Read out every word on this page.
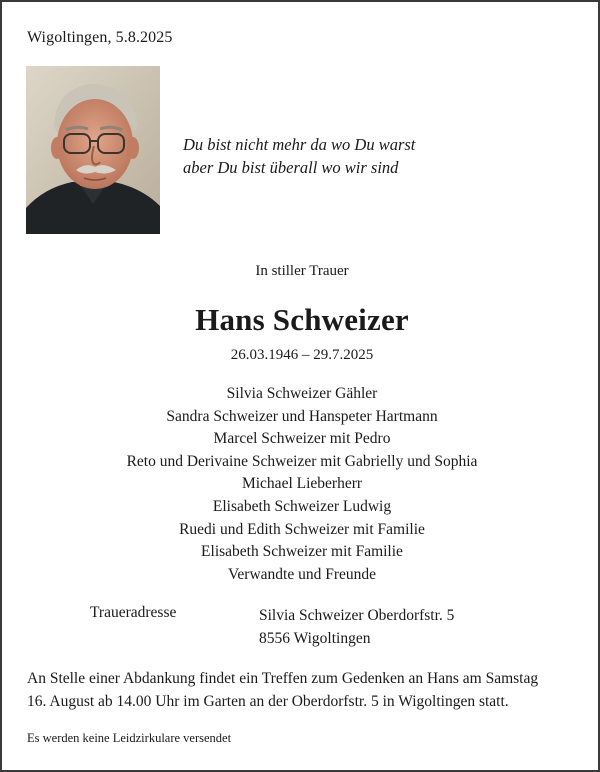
Wigoltingen, 5.8.2025
Du bist nicht mehr da wo Du warst
aber Du bist überall wo wir sind
In stiller Trauer
Hans Schweizer
26.03.1946 – 29.7.2025
Silvia Schweizer Gähler
Sandra Schweizer und Hanspeter Hartmann
Marcel Schweizer mit Pedro
Reto und Derivaine Schweizer mit Gabrielly und Sophia
Michael Lieberherr
Elisabeth Schweizer Ludwig
Ruedi und Edith Schweizer mit Familie
Elisabeth Schweizer mit Familie
Verwandte und Freunde
Traueradresse	Silvia Schweizer Oberdorfstr. 5
8556 Wigoltingen
An Stelle einer Abdankung findet ein Treffen zum Gedenken an Hans am Samstag
16. August ab 14.00 Uhr im Garten an der Oberdorfstr. 5 in Wigoltingen statt.
Es werden keine Leidzirkulare versendet
